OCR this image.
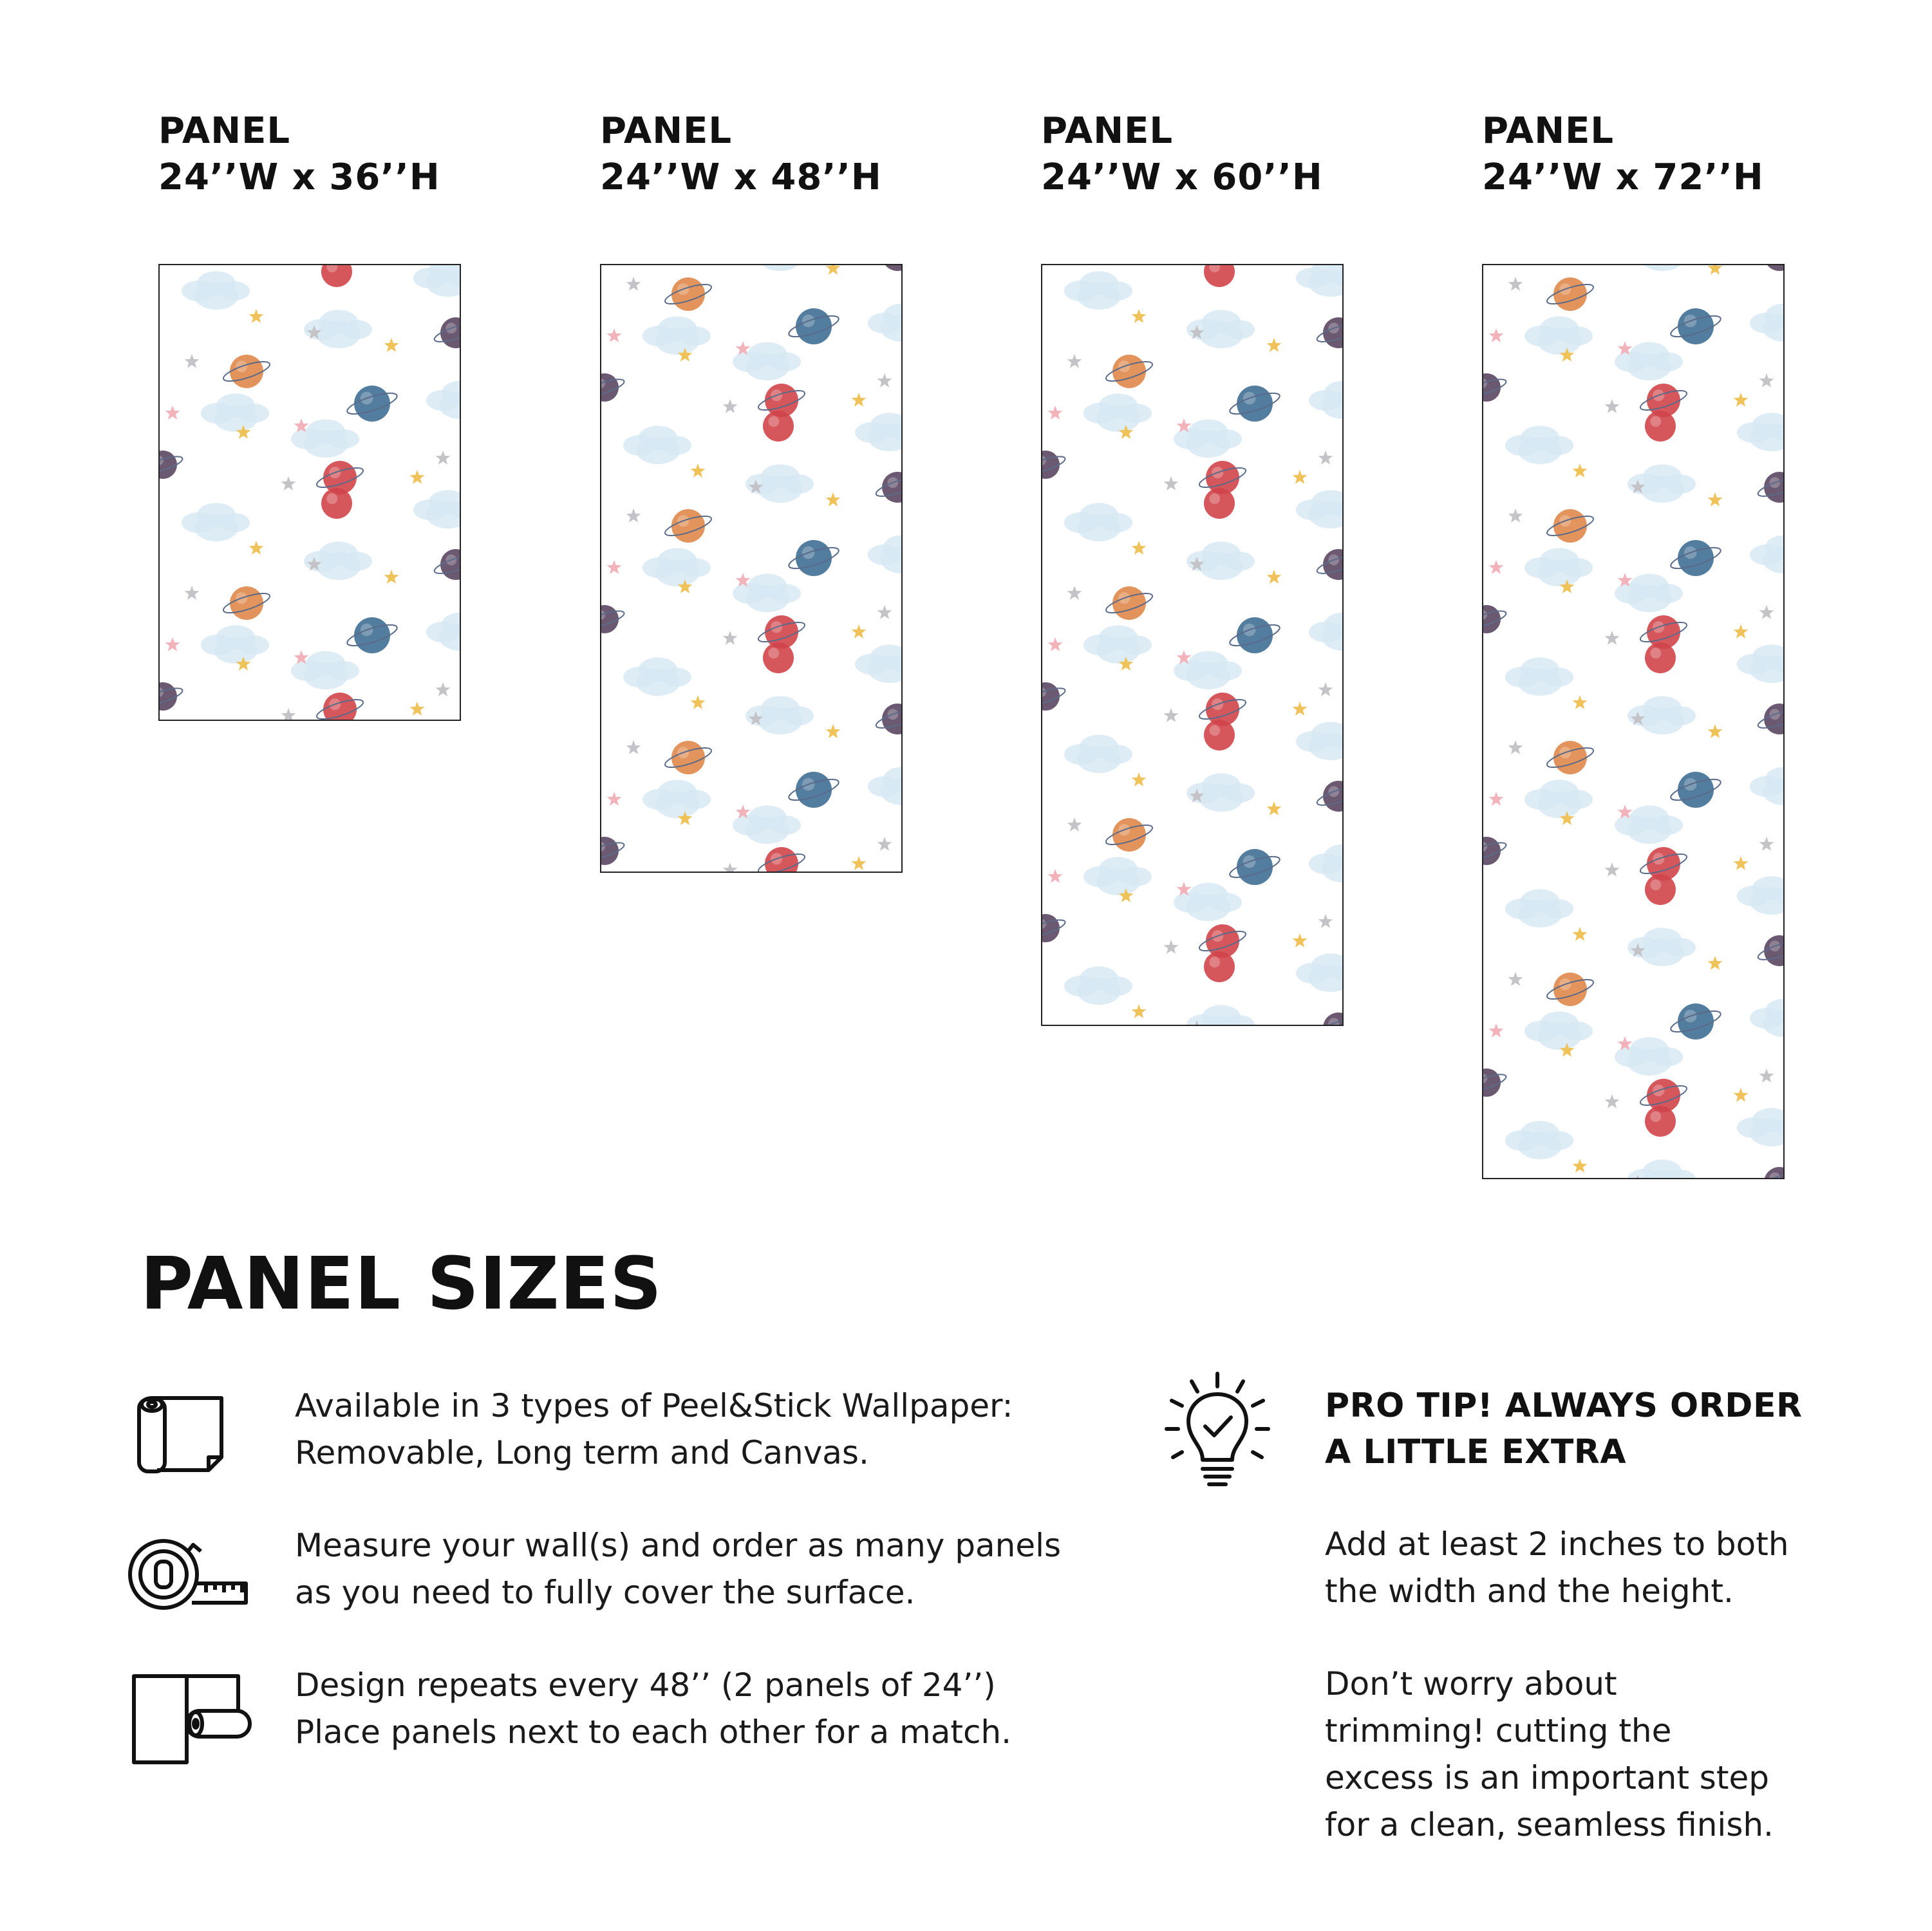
PANEL
24’’W x 36’’H
PANEL
24’’W x 48’’H
PANEL
24’’W x 60’’H
PANEL
24’’W x 72’’H
PANEL SIZES
Available in 3 types of Peel&Stick Wallpaper:
Removable, Long term and Canvas.
Measure your wall(s) and order as many panels
as you need to fully cover the surface.
Design repeats every 48’’ (2 panels of 24’’)
Place panels next to each other for a match.
PRO TIP! ALWAYS ORDER
A LITTLE EXTRA
Add at least 2 inches to both
the width and the height.
Don’t worry about
trimming! cutting the
excess is an important step
for a clean, seamless finish.
